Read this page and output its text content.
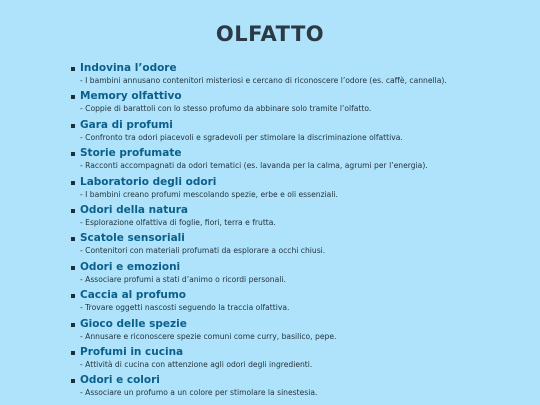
OLFATTO
Indovina l’odore
- I bambini annusano contenitori misteriosi e cercano di riconoscere l’odore (es. caffè, cannella).
Memory olfattivo
- Coppie di barattoli con lo stesso profumo da abbinare solo tramite l’olfatto.
Gara di profumi
- Confronto tra odori piacevoli e sgradevoli per stimolare la discriminazione olfattiva.
Storie profumate
- Racconti accompagnati da odori tematici (es. lavanda per la calma, agrumi per l’energia).
Laboratorio degli odori
- I bambini creano profumi mescolando spezie, erbe e oli essenziali.
Odori della natura
- Esplorazione olfattiva di foglie, fiori, terra e frutta.
Scatole sensoriali
- Contenitori con materiali profumati da esplorare a occhi chiusi.
Odori e emozioni
- Associare profumi a stati d’animo o ricordi personali.
Caccia al profumo
- Trovare oggetti nascosti seguendo la traccia olfattiva.
Gioco delle spezie
- Annusare e riconoscere spezie comuni come curry, basilico, pepe.
Profumi in cucina
- Attività di cucina con attenzione agli odori degli ingredienti.
Odori e colori
- Associare un profumo a un colore per stimolare la sinestesia.
